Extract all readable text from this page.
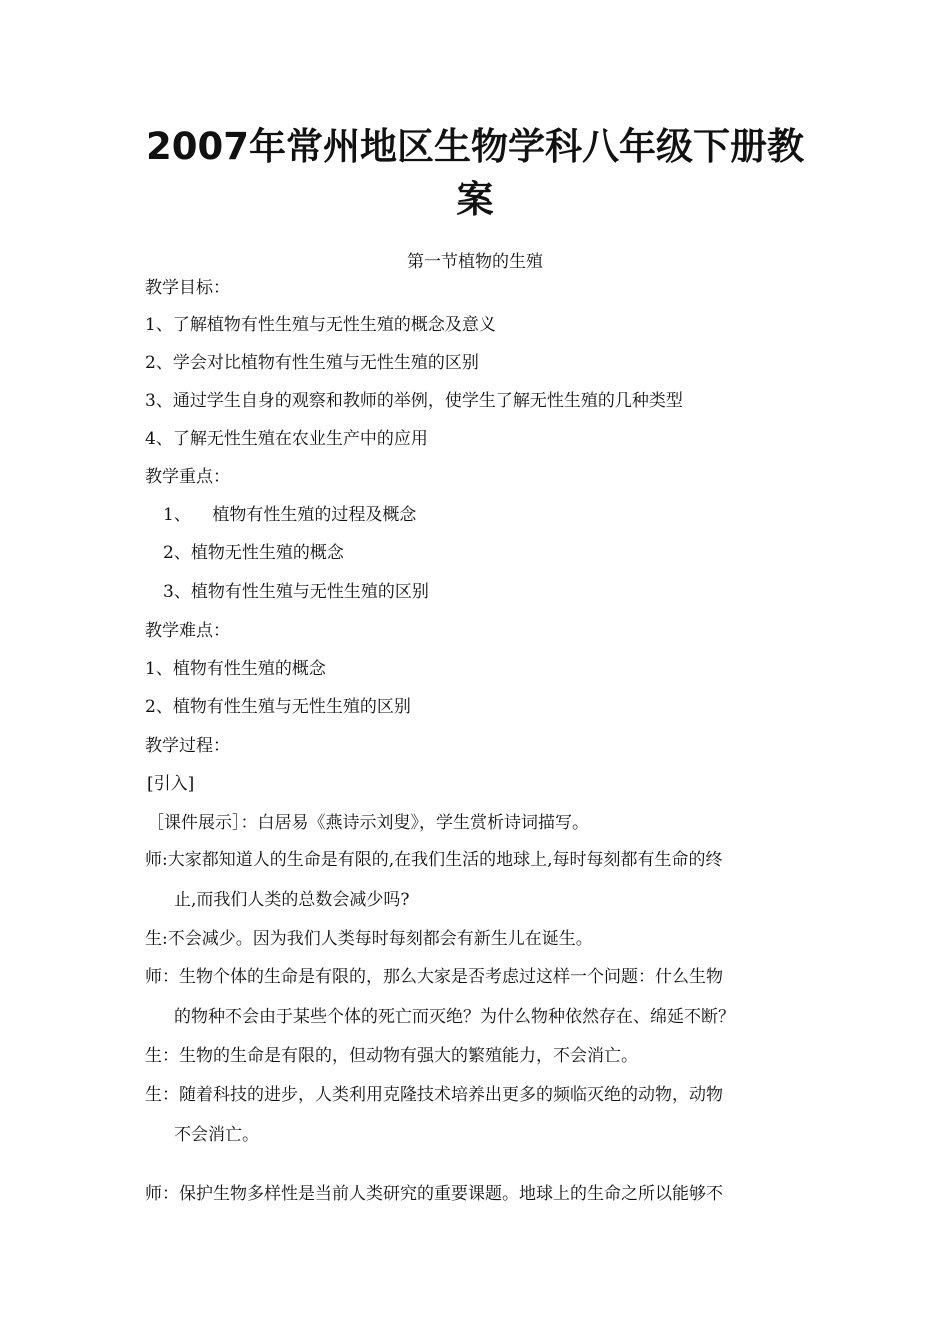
2007年常州地区生物学科八年级下册教案
第一节植物的生殖
教学目标：
1、了解植物有性生殖与无性生殖的概念及意义
2、学会对比植物有性生殖与无性生殖的区别
3、通过学生自身的观察和教师的举例，使学生了解无性生殖的几种类型
4、了解无性生殖在农业生产中的应用
教学重点：
1、    植物有性生殖的过程及概念
2、植物无性生殖的概念
3、植物有性生殖与无性生殖的区别
教学难点：
1、植物有性生殖的概念
2、植物有性生殖与无性生殖的区别
教学过程：
[引入]
［课件展示］：白居易《燕诗示刘叟》，学生赏析诗词描写。
师:大家都知道人的生命是有限的,在我们生活的地球上,每时每刻都有生命的终
止,而我们人类的总数会减少吗?
生:不会减少。因为我们人类每时每刻都会有新生儿在诞生。
师：生物个体的生命是有限的，那么大家是否考虑过这样一个问题：什么生物
的物种不会由于某些个体的死亡而灭绝？为什么物种依然存在、绵延不断？
生：生物的生命是有限的，但动物有强大的繁殖能力，不会消亡。
生：随着科技的进步，人类利用克隆技术培养出更多的频临灭绝的动物，动物
不会消亡。
师：保护生物多样性是当前人类研究的重要课题。地球上的生命之所以能够不
